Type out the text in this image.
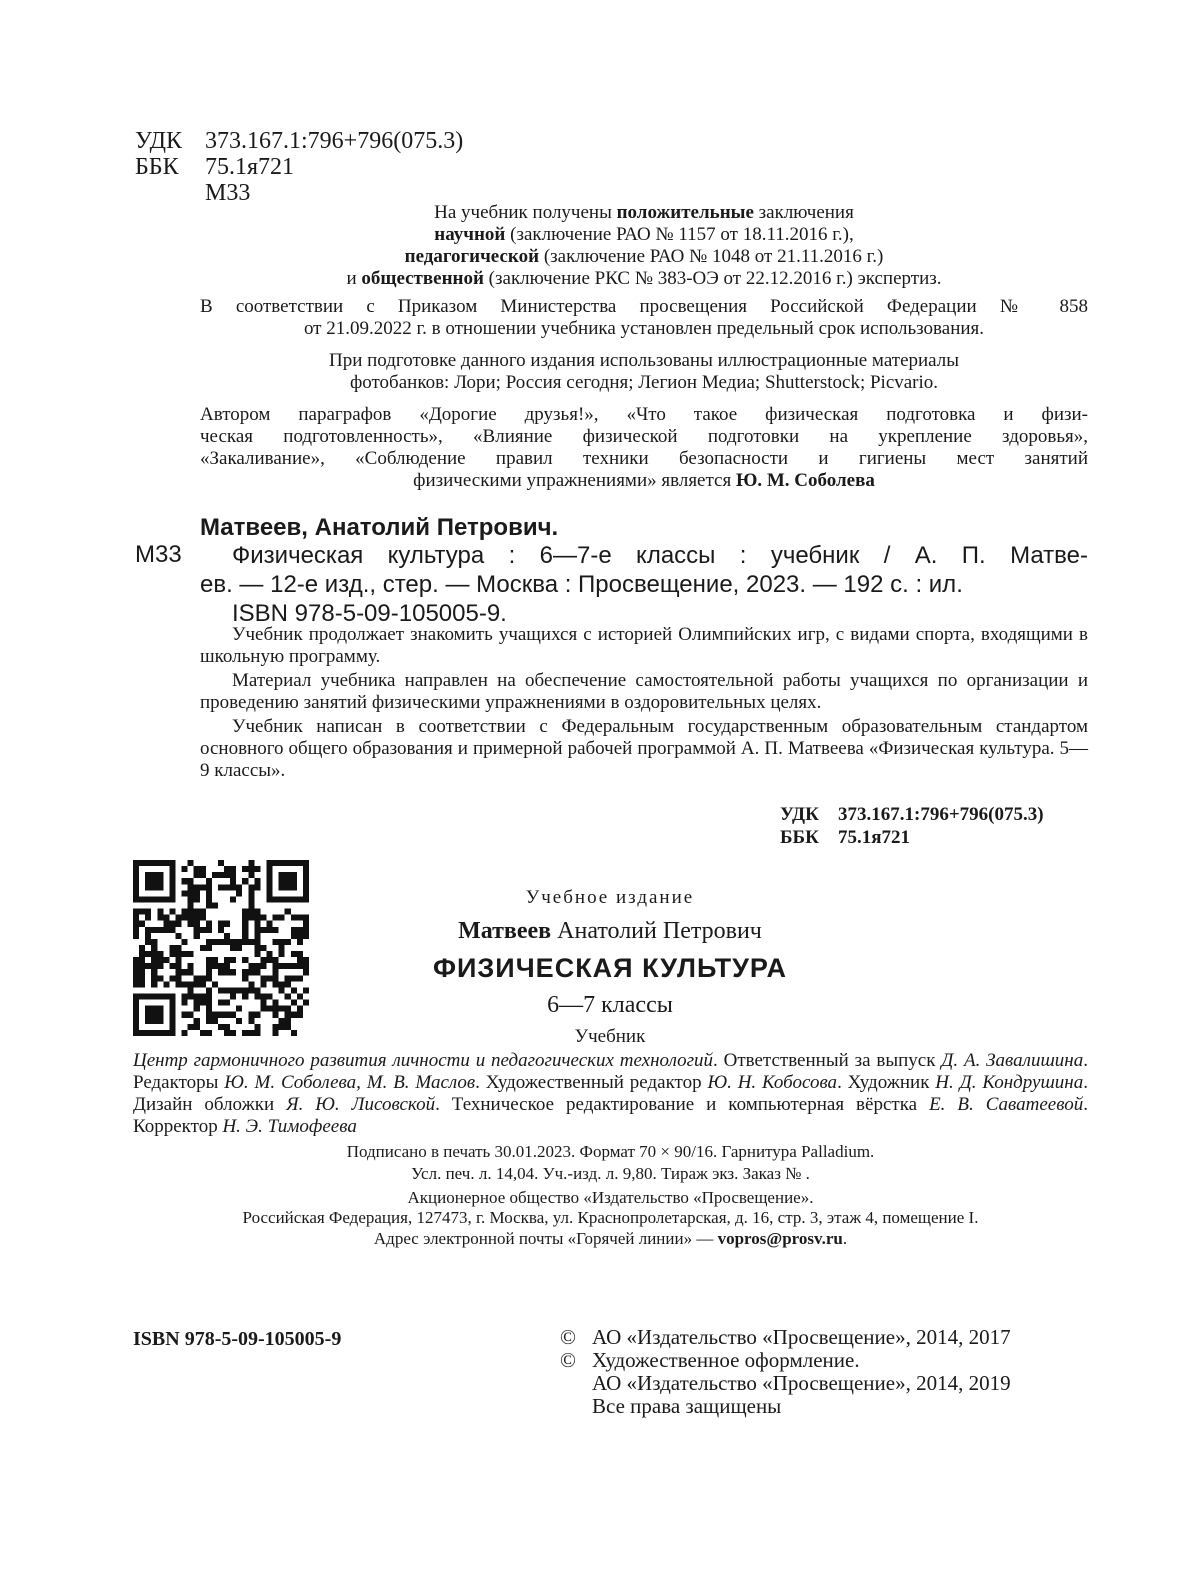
УДК 373.167.1:796+796(075.3)
ББК	75.1я721
М33
На учебник получены положительные заключения
научной (заключение РАО № 1157 от 18.11.2016 г.),
педагогической (заключение РАО № 1048 от 21.11.2016 г.)
и общественной (заключение РКС № 383-ОЭ от 22.12.2016 г.) экспертиз.
В соответствии с Приказом Министерства просвещения Российской Федерации № 858
от 21.09.2022 г. в отношении учебника установлен предельный срок использования.
При подготовке данного издания использованы иллюстрационные материалы
фотобанков: Лори; Россия сегодня; Легион Медиа; Shutterstock; Picvario.
Автором параграфов «Дорогие друзья!», «Что такое физическая подготовка и физи-
ческая подготовленность», «Влияние физической подготовки на укрепление здоровья»,
«Закаливание», «Соблюдение правил техники безопасности и гигиены мест занятий
физическими упражнениями» является Ю. М. Соболева
Матвеев, Анатолий Петрович.
М33 Физическая культура : 6—7-е классы : учебник / А. П. Матве-
ев. — 12-е изд., стер. — Москва : Просвещение, 2023. — 192 с. : ил.
ISBN 978-5-09-105005-9.

Учебник продолжает знакомить учащихся с историей Олимпийских игр, с видами спорта, входящими в школьную программу.

Материал учебника направлен на обеспечение самостоятельной работы учащихся по организации и проведению занятий физическими упражнениями в оздоровительных целях.

Учебник написан в соответствии с Федеральным государственным образовательным стандартом основного общего образования и примерной рабочей программой А. П. Матвеева «Физическая культура. 5—9 классы».

УДК	373.167.1:796+796(075.3)
ББК	75.1я721
Учебное издание
Матвеев Анатолий Петрович
ФИЗИЧЕСКАЯ КУЛЬТУРА
6—7 классы
Учебник
Центр гармоничного развития личности и педагогических технологий. Ответственный за выпуск Д. А. Завалишина. Редакторы Ю. М. Соболева, М. В. Маслов. Художественный редактор Ю. Н. Кобосова. Художник Н. Д. Кондрушина. Дизайн обложки Я. Ю. Лисовской. Техническое редактирование и компьютерная вёрстка Е. В. Саватеевой. Корректор Н. Э. Тимофеева
Подписано в печать 30.01.2023. Формат 70 × 90/16. Гарнитура Palladium.
Усл. печ. л. 14,04. Уч.-изд. л. 9,80. Тираж экз. Заказ № .
Акционерное общество «Издательство «Просвещение».
Российская Федерация, 127473, г. Москва, ул. Краснопролетарская, д. 16, стр. 3, этаж 4, помещение I.
Адрес электронной почты «Горячей линии» — vopros@prosv.ru.
ISBN 978-5-09-105005-9	© АО «Издательство «Просвещение», 2014, 2017
© Художественное оформление.
АО «Издательство «Просвещение», 2014, 2019
Все права защищены
